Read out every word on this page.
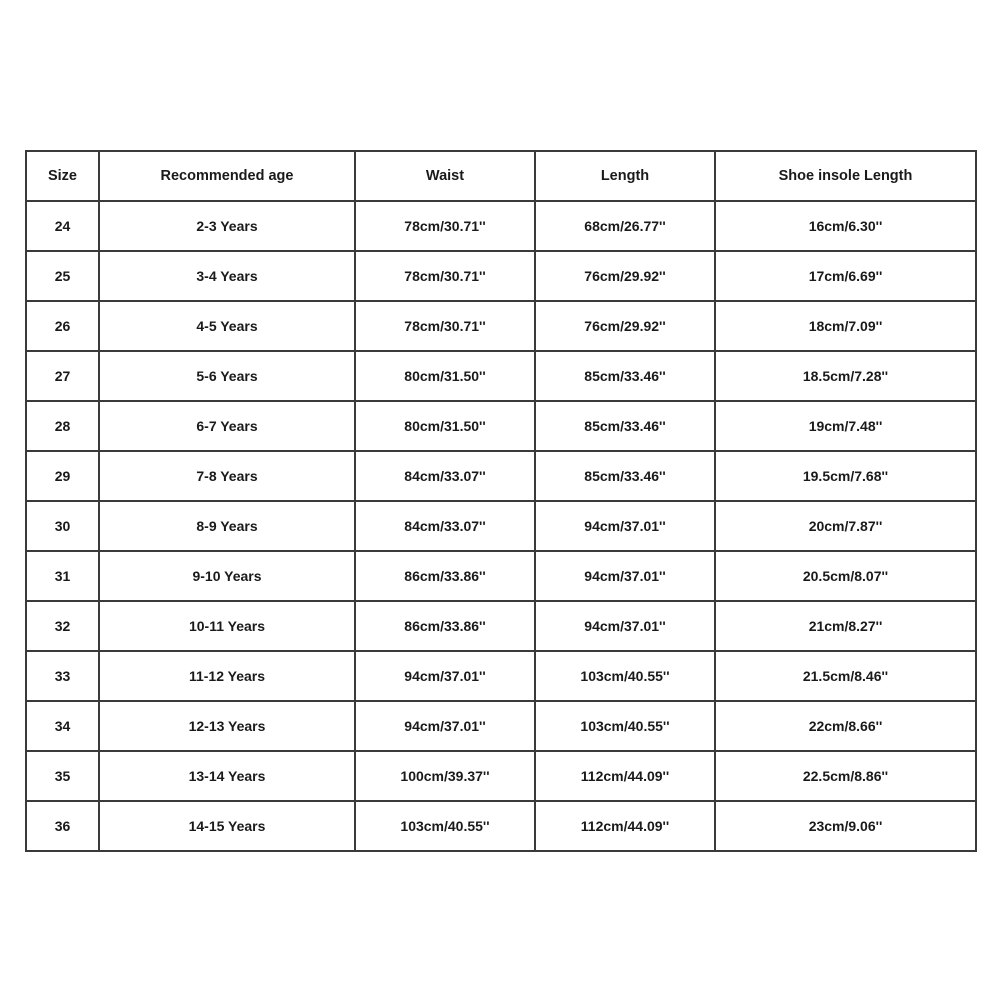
Size	Recommended age	Waist	Length	Shoe insole Length
24	2-3 Years	78cm/30.71''	68cm/26.77''	16cm/6.30''
25	3-4 Years	78cm/30.71''	76cm/29.92''	17cm/6.69''
26	4-5 Years	78cm/30.71''	76cm/29.92''	18cm/7.09''
27	5-6 Years	80cm/31.50''	85cm/33.46''	18.5cm/7.28''
28	6-7 Years	80cm/31.50''	85cm/33.46''	19cm/7.48''
29	7-8 Years	84cm/33.07''	85cm/33.46''	19.5cm/7.68''
30	8-9 Years	84cm/33.07''	94cm/37.01''	20cm/7.87''
31	9-10 Years	86cm/33.86''	94cm/37.01''	20.5cm/8.07''
32	10-11 Years	86cm/33.86''	94cm/37.01''	21cm/8.27''
33	11-12 Years	94cm/37.01''	103cm/40.55''	21.5cm/8.46''
34	12-13 Years	94cm/37.01''	103cm/40.55''	22cm/8.66''
35	13-14 Years	100cm/39.37''	112cm/44.09''	22.5cm/8.86''
36	14-15 Years	103cm/40.55''	112cm/44.09''	23cm/9.06''
